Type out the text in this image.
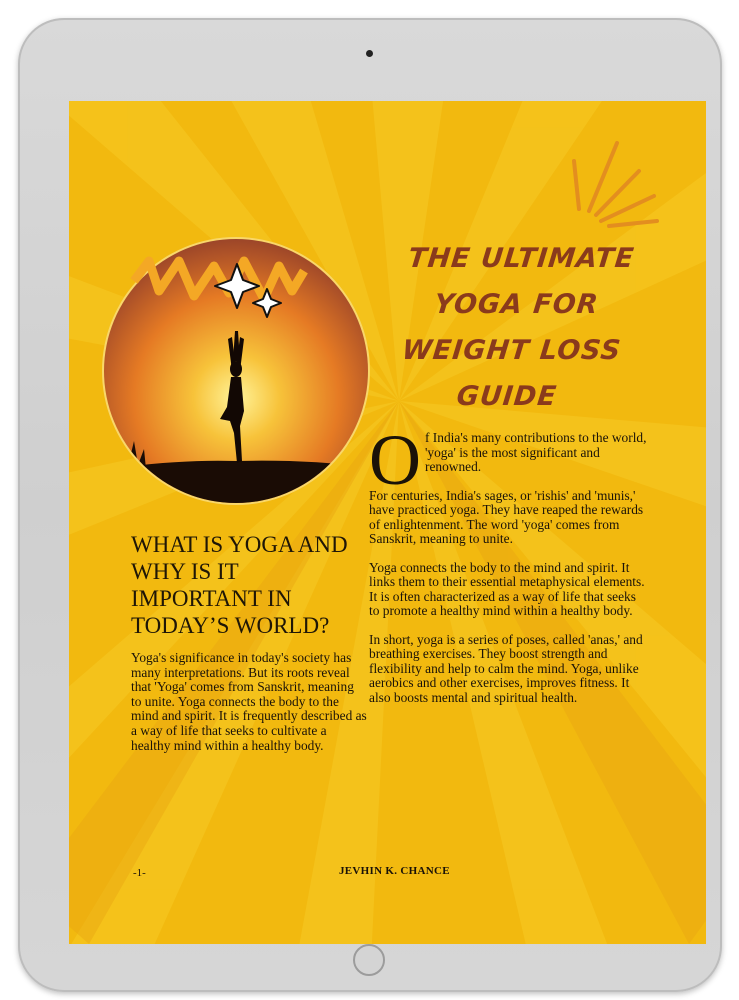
THE ULTIMATE
YOGA FOR
WEIGHT LOSS
GUIDE

Of India's many contributions to the world, 'yoga' is the most significant and renowned.

For centuries, India's sages, or 'rishis' and 'munis,' have practiced yoga. They have reaped the rewards of enlightenment. The word 'yoga' comes from Sanskrit, meaning to unite.

Yoga connects the body to the mind and spirit. It links them to their essential metaphysical elements. It is often characterized as a way of life that seeks to promote a healthy mind within a healthy body.

In short, yoga is a series of poses, called 'anas,' and breathing exercises. They boost strength and flexibility and help to calm the mind. Yoga, unlike aerobics and other exercises, improves fitness. It also boosts mental and spiritual health.

WHAT IS YOGA AND WHY IS IT IMPORTANT IN TODAY’S WORLD?

Yoga's significance in today's society has many interpretations. But its roots reveal that 'Yoga' comes from Sanskrit, meaning to unite. Yoga connects the body to the mind and spirit. It is frequently described as a way of life that seeks to cultivate a healthy mind within a healthy body.

-1-	JEVHIN K. CHANCE
